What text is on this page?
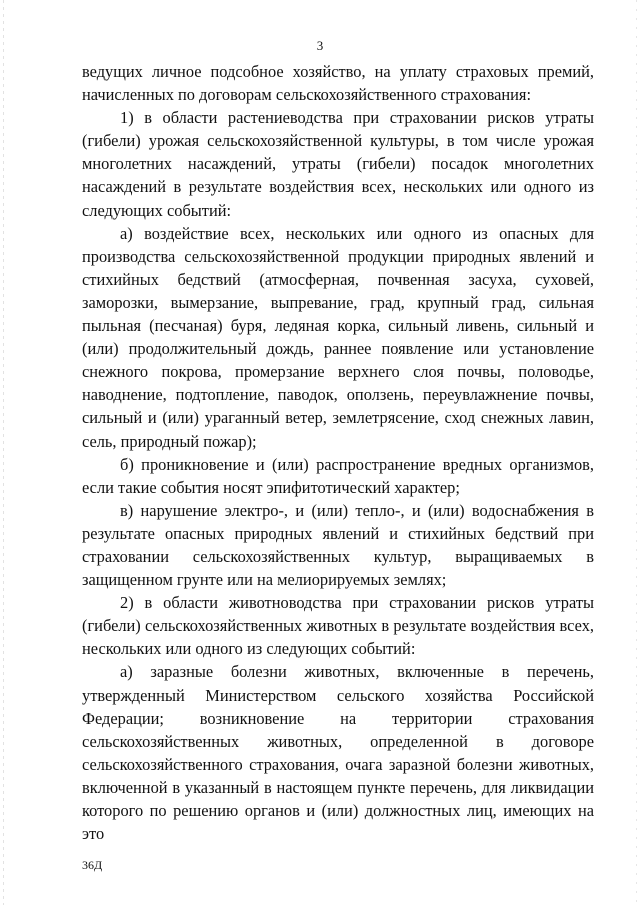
3

ведущих личное подсобное хозяйство, на уплату страховых премий, начисленных по договорам сельскохозяйственного страхования:

1) в области растениеводства при страховании рисков утраты (гибели) урожая сельскохозяйственной культуры, в том числе урожая многолетних насаждений, утраты (гибели) посадок многолетних насаждений в результате воздействия всех, нескольких или одного из следующих событий:

а) воздействие всех, нескольких или одного из опасных для производства сельскохозяйственной продукции природных явлений и стихийных бедствий (атмосферная, почвенная засуха, суховей, заморозки, вымерзание, выпревание, град, крупный град, сильная пыльная (песчаная) буря, ледяная корка, сильный ливень, сильный и (или) продолжительный дождь, раннее появление или установление снежного покрова, промерзание верхнего слоя почвы, половодье, наводнение, подтопление, паводок, оползень, переувлажнение почвы, сильный и (или) ураганный ветер, землетрясение, сход снежных лавин, сель, природный пожар);

б) проникновение и (или) распространение вредных организмов, если такие события носят эпифитотический характер;

в) нарушение электро-, и (или) тепло-, и (или) водоснабжения в результате опасных природных явлений и стихийных бедствий при страховании сельскохозяйственных культур, выращиваемых в защищенном грунте или на мелиорируемых землях;

2) в области животноводства при страховании рисков утраты (гибели) сельскохозяйственных животных в результате воздействия всех, нескольких или одного из следующих событий:

а) заразные болезни животных, включенные в перечень, утвержденный Министерством сельского хозяйства Российской Федерации; возникновение на территории страхования сельскохозяйственных животных, определенной в договоре сельскохозяйственного страхования, очага заразной болезни животных, включенной в указанный в настоящем пункте перечень, для ликвидации которого по решению органов и (или) должностных лиц, имеющих на это

36Д
